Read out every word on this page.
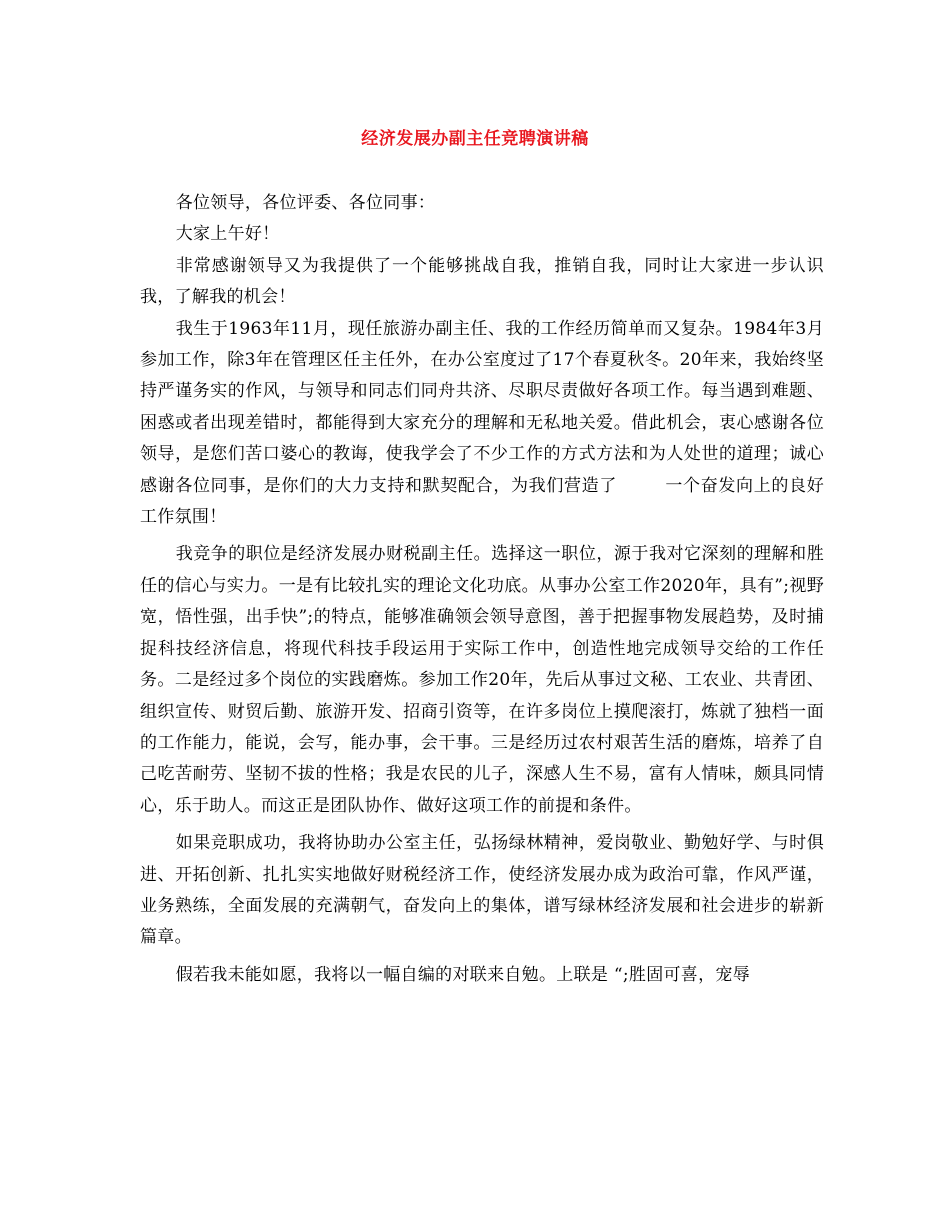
经济发展办副主任竞聘演讲稿

各位领导，各位评委、各位同事：

大家上午好！

非常感谢领导又为我提供了一个能够挑战自我，推销自我，同时让大家进一步认识我，了解我的机会！

我生于1963年11月，现任旅游办副主任、我的工作经历简单而又复杂。1984年3月参加工作，除3年在管理区任主任外，在办公室度过了17个春夏秋冬。20年来，我始终坚持严谨务实的作风，与领导和同志们同舟共济、尽职尽责做好各项工作。每当遇到难题、困惑或者出现差错时，都能得到大家充分的理解和无私地关爱。借此机会，衷心感谢各位领导，是您们苦口婆心的教诲，使我学会了不少工作的方式方法和为人处世的道理；诚心感谢各位同事，是你们的大力支持和默契配合，为我们营造了	一个奋发向上的良好工作氛围！

我竞争的职位是经济发展办财税副主任。选择这一职位，源于我对它深刻的理解和胜任的信心与实力。一是有比较扎实的理论文化功底。从事办公室工作2020年，具有”;视野宽，悟性强，出手快”;的特点，能够准确领会领导意图，善于把握事物发展趋势，及时捕捉科技经济信息，将现代科技手段运用于实际工作中，创造性地完成领导交给的工作任务。二是经过多个岗位的实践磨炼。参加工作20年，先后从事过文秘、工农业、共青团、组织宣传、财贸后勤、旅游开发、招商引资等，在许多岗位上摸爬滚打，炼就了独档一面的工作能力，能说，会写，能办事，会干事。三是经历过农村艰苦生活的磨炼，培养了自己吃苦耐劳、坚韧不拔的性格；我是农民的儿子，深感人生不易，富有人情味，颇具同情心，乐于助人。而这正是团队协作、做好这项工作的前提和条件。

如果竞职成功，我将协助办公室主任，弘扬绿林精神，爱岗敬业、勤勉好学、与时俱进、开拓创新、扎扎实实地做好财税经济工作，使经济发展办成为政治可靠，作风严谨，业务熟练，全面发展的充满朝气，奋发向上的集体，谱写绿林经济发展和社会进步的崭新篇章。

假若我未能如愿，我将以一幅自编的对联来自勉。上联是 “;胜固可喜，宠辱
